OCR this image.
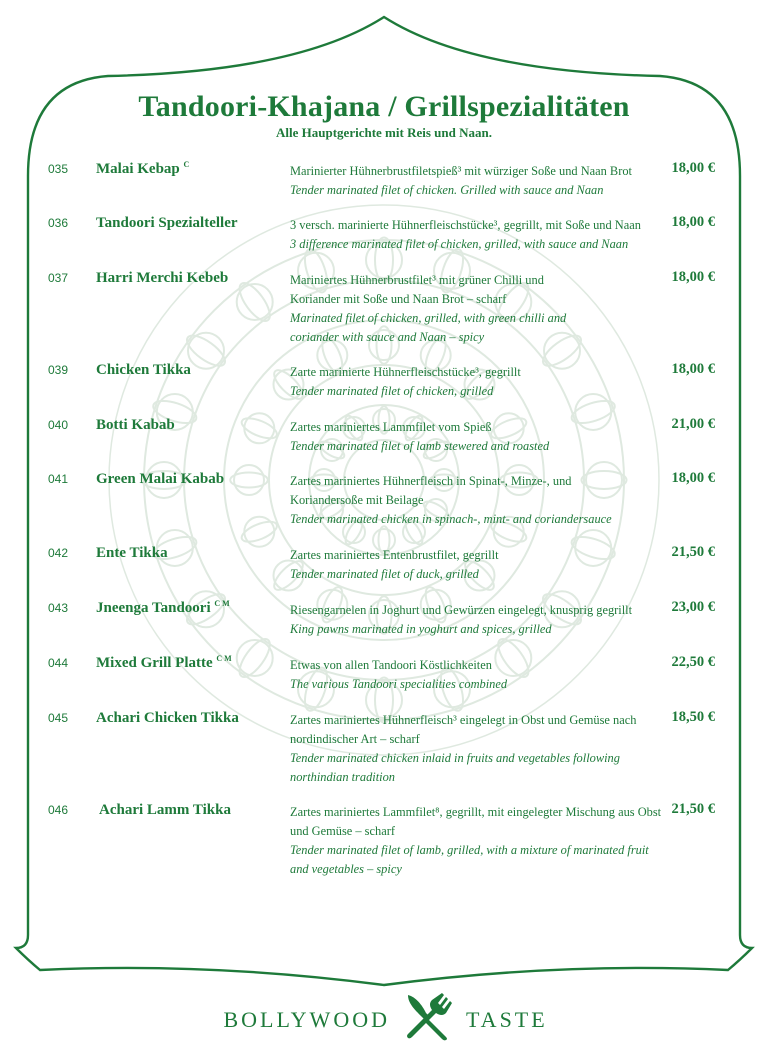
Tandoori-Khajana / Grillspezialitäten
Alle Hauptgerichte mit Reis und Naan.
035 Malai Kebap $^C$	Marinierter Hühnerbrustfiletspieß³ mit würziger Soße und Naan Brot
Tender marinated filet of chicken. Grilled with sauce and Naan
18,00 €
036 Tandoori Spezialteller	3 versch. marinierte Hühnerfleischstücke³, gegrillt, mit Soße und Naan
3 difference marinated filet of chicken, grilled, with sauce and Naan
18,00 €
037 Harri Merchi Kebeb	Mariniertes Hühnerbrustfilet³ mit grüner Chilli und Koriander mit Soße und Naan Brot – scharf
Marinated filet of chicken, grilled, with green chilli and coriander with sauce and Naan – spicy
18,00 €
039 Chicken Tikka	Zarte marinierte Hühnerfleischstücke³, gegrillt
Tender marinated filet of chicken, grilled
18,00 €
040 Botti Kabab	Zartes mariniertes Lammfilet vom Spieß
Tender marinated filet of lamb stewered and roasted
21,00 €
041 Green Malai Kabab	Zartes mariniertes Hühnerfleisch in Spinat-, Minze-, und Koriandersoße mit Beilage
Tender marinated chicken in spinach-, mint- and coriandersauce
18,00 €
042 Ente Tikka	Zartes mariniertes Entenbrustfilet, gegrillt
Tender marinated filet of duck, grilled
21,50 €
043 Jneenga Tandoori $^{C M}$	Riesengarnelen in Joghurt und Gewürzen eingelegt, knusprig gegrillt
King pawns marinated in yoghurt and spices, grilled
23,00 €
044 Mixed Grill Platte $^{C M}$	Etwas von allen Tandoori Köstlichkeiten
The various Tandoori specialities combined
22,50 €
045 Achari Chicken Tikka	Zartes mariniertes Hühnerfleisch³ eingelegt in Obst und Gemüse nach nordindischer Art – scharf
Tender marinated chicken inlaid in fruits and vegetables following northindian tradition
18,50 €
046 Achari Lamm Tikka	Zartes mariniertes Lammfilet⁸, gegrillt, mit eingelegter Mischung aus Obst und Gemüse – scharf
Tender marinated filet of lamb, grilled, with a mixture of marinated fruit and vegetables – spicy
21,50 €
BOLLYWOOD	TASTE
